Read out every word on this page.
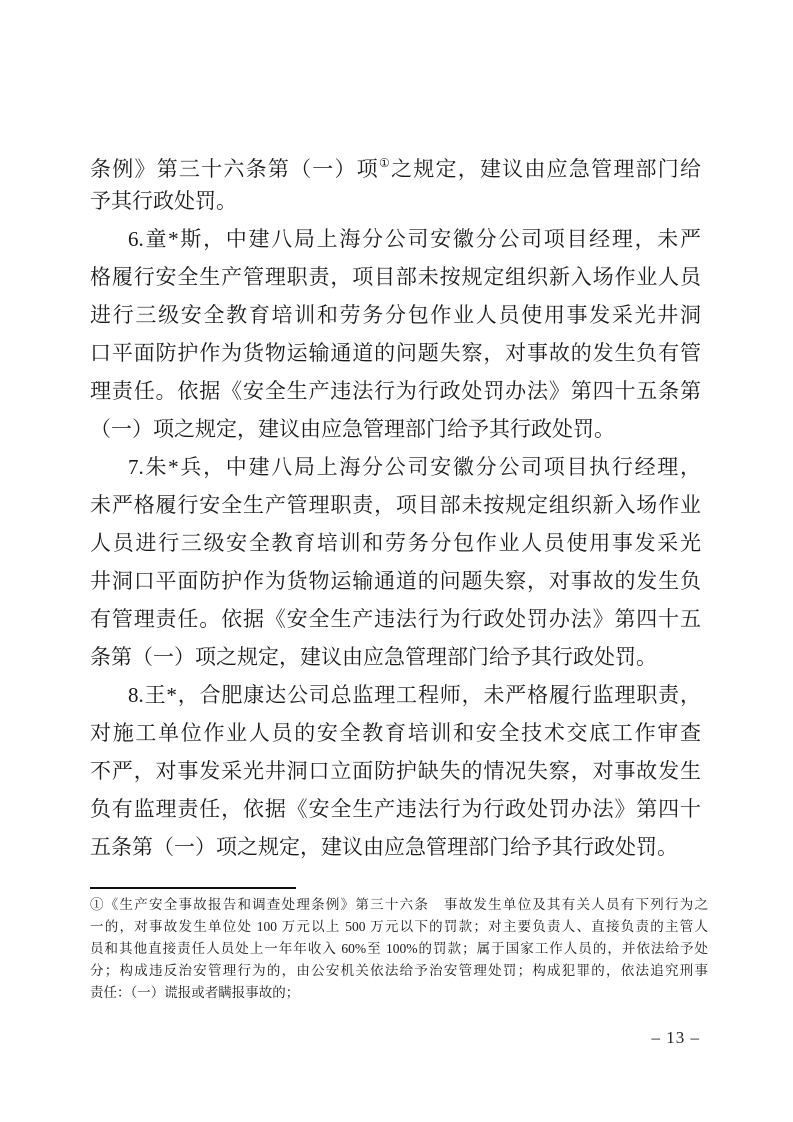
条例》第三十六条第（一）项①之规定，建议由应急管理部门给
予其行政处罚。
6.童*斯，中建八局上海分公司安徽分公司项目经理，未严
格履行安全生产管理职责，项目部未按规定组织新入场作业人员
进行三级安全教育培训和劳务分包作业人员使用事发采光井洞
口平面防护作为货物运输通道的问题失察，对事故的发生负有管
理责任。依据《安全生产违法行为行政处罚办法》第四十五条第
（一）项之规定，建议由应急管理部门给予其行政处罚。
7.朱*兵，中建八局上海分公司安徽分公司项目执行经理，
未严格履行安全生产管理职责，项目部未按规定组织新入场作业
人员进行三级安全教育培训和劳务分包作业人员使用事发采光
井洞口平面防护作为货物运输通道的问题失察，对事故的发生负
有管理责任。依据《安全生产违法行为行政处罚办法》第四十五
条第（一）项之规定，建议由应急管理部门给予其行政处罚。
8.王*，合肥康达公司总监理工程师，未严格履行监理职责，
对施工单位作业人员的安全教育培训和安全技术交底工作审查
不严，对事发采光井洞口立面防护缺失的情况失察，对事故发生
负有监理责任，依据《安全生产违法行为行政处罚办法》第四十
五条第（一）项之规定，建议由应急管理部门给予其行政处罚。
①《生产安全事故报告和调查处理条例》第三十六条　事故发生单位及其有关人员有下列行为之
一的，对事故发生单位处 100 万元以上 500 万元以下的罚款；对主要负责人、直接负责的主管人
员和其他直接责任人员处上一年年收入 60%至 100%的罚款；属于国家工作人员的，并依法给予处
分；构成违反治安管理行为的，由公安机关依法给予治安管理处罚；构成犯罪的，依法追究刑事
责任：（一）谎报或者瞒报事故的；
– 13 –
